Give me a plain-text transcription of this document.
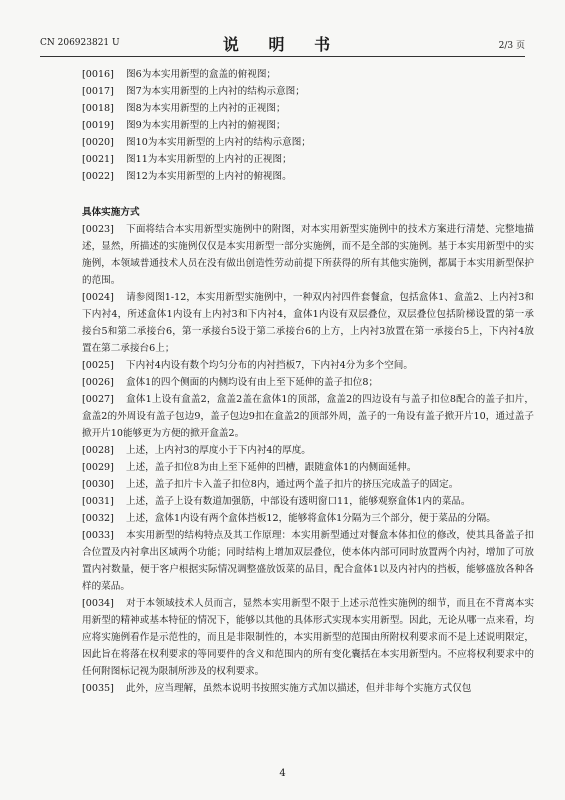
CN 206923821 U	说 明 书	2/3 页
[0016]	图6为本实用新型的盒盖的俯视图；
[0017]	图7为本实用新型的上内衬的结构示意图；
[0018]	图8为本实用新型的上内衬的正视图；
[0019]	图9为本实用新型的上内衬的俯视图；
[0020]	图10为本实用新型的上内衬的结构示意图；
[0021]	图11为本实用新型的上内衬的正视图；
[0022]	图12为本实用新型的上内衬的俯视图。
具体实施方式

[0023] 下面将结合本实用新型实施例中的附图，对本实用新型实施例中的技术方案进行清楚、完整地描述，显然，所描述的实施例仅仅是本实用新型一部分实施例，而不是全部的实施例。基于本实用新型中的实施例，本领域普通技术人员在没有做出创造性劳动前提下所获得的所有其他实施例，都属于本实用新型保护的范围。

[0024] 请参阅图1-12，本实用新型实施例中，一种双内衬四件套餐盒，包括盒体1、盒盖2、上内衬3和下内衬4，所述盒体1内设有上内衬3和下内衬4，盒体1内设有双层叠位，双层叠位包括阶梯设置的第一承接台5和第二承接台6，第一承接台5设于第二承接台6的上方，上内衬3放置在第一承接台5上，下内衬4放置在第二承接台6上；

[0025] 下内衬4内设有数个均匀分布的内衬挡板7，下内衬4分为多个空间。

[0026] 盒体1的四个侧面的内侧均设有由上至下延伸的盖子扣位8；

[0027] 盒体1上设有盒盖2，盒盖2盖在盒体1的顶部，盒盖2的四边设有与盖子扣位8配合的盖子扣片，盒盖2的外周设有盖子包边9，盖子包边9扣在盒盖2的顶部外周，盖子的一角设有盖子掀开片10，通过盖子掀开片10能够更为方便的掀开盒盖2。

[0028] 上述，上内衬3的厚度小于下内衬4的厚度。

[0029] 上述，盖子扣位8为由上至下延伸的凹槽，跟随盒体1的内侧面延伸。

[0030] 上述，盖子扣片卡入盖子扣位8内，通过两个盖子扣片的挤压完成盖子的固定。

[0031] 上述，盖子上设有数道加强筋，中部设有透明窗口11，能够观察盒体1内的菜品。

[0032] 上述，盒体1内设有两个盒体挡板12，能够将盒体1分隔为三个部分，便于菜品的分隔。

[0033] 本实用新型的结构特点及其工作原理：本实用新型通过对餐盒本体扣位的修改，使其具备盖子扣合位置及内衬拿出区域两个功能；同时结构上增加双层叠位，使本体内部可同时放置两个内衬，增加了可放置内衬数量，便于客户根据实际情况调整盛放饭菜的品目，配合盒体1以及内衬内的挡板，能够盛放各种各样的菜品。

[0034] 对于本领域技术人员而言，显然本实用新型不限于上述示范性实施例的细节，而且在不背离本实用新型的精神或基本特征的情况下，能够以其他的具体形式实现本实用新型。因此，无论从哪一点来看，均应将实施例看作是示范性的，而且是非限制性的，本实用新型的范围由所附权利要求而不是上述说明限定，因此旨在将落在权利要求的等同要件的含义和范围内的所有变化囊括在本实用新型内。不应将权利要求中的任何附图标记视为限制所涉及的权利要求。

[0035] 此外，应当理解，虽然本说明书按照实施方式加以描述，但并非每个实施方式仅包

4
